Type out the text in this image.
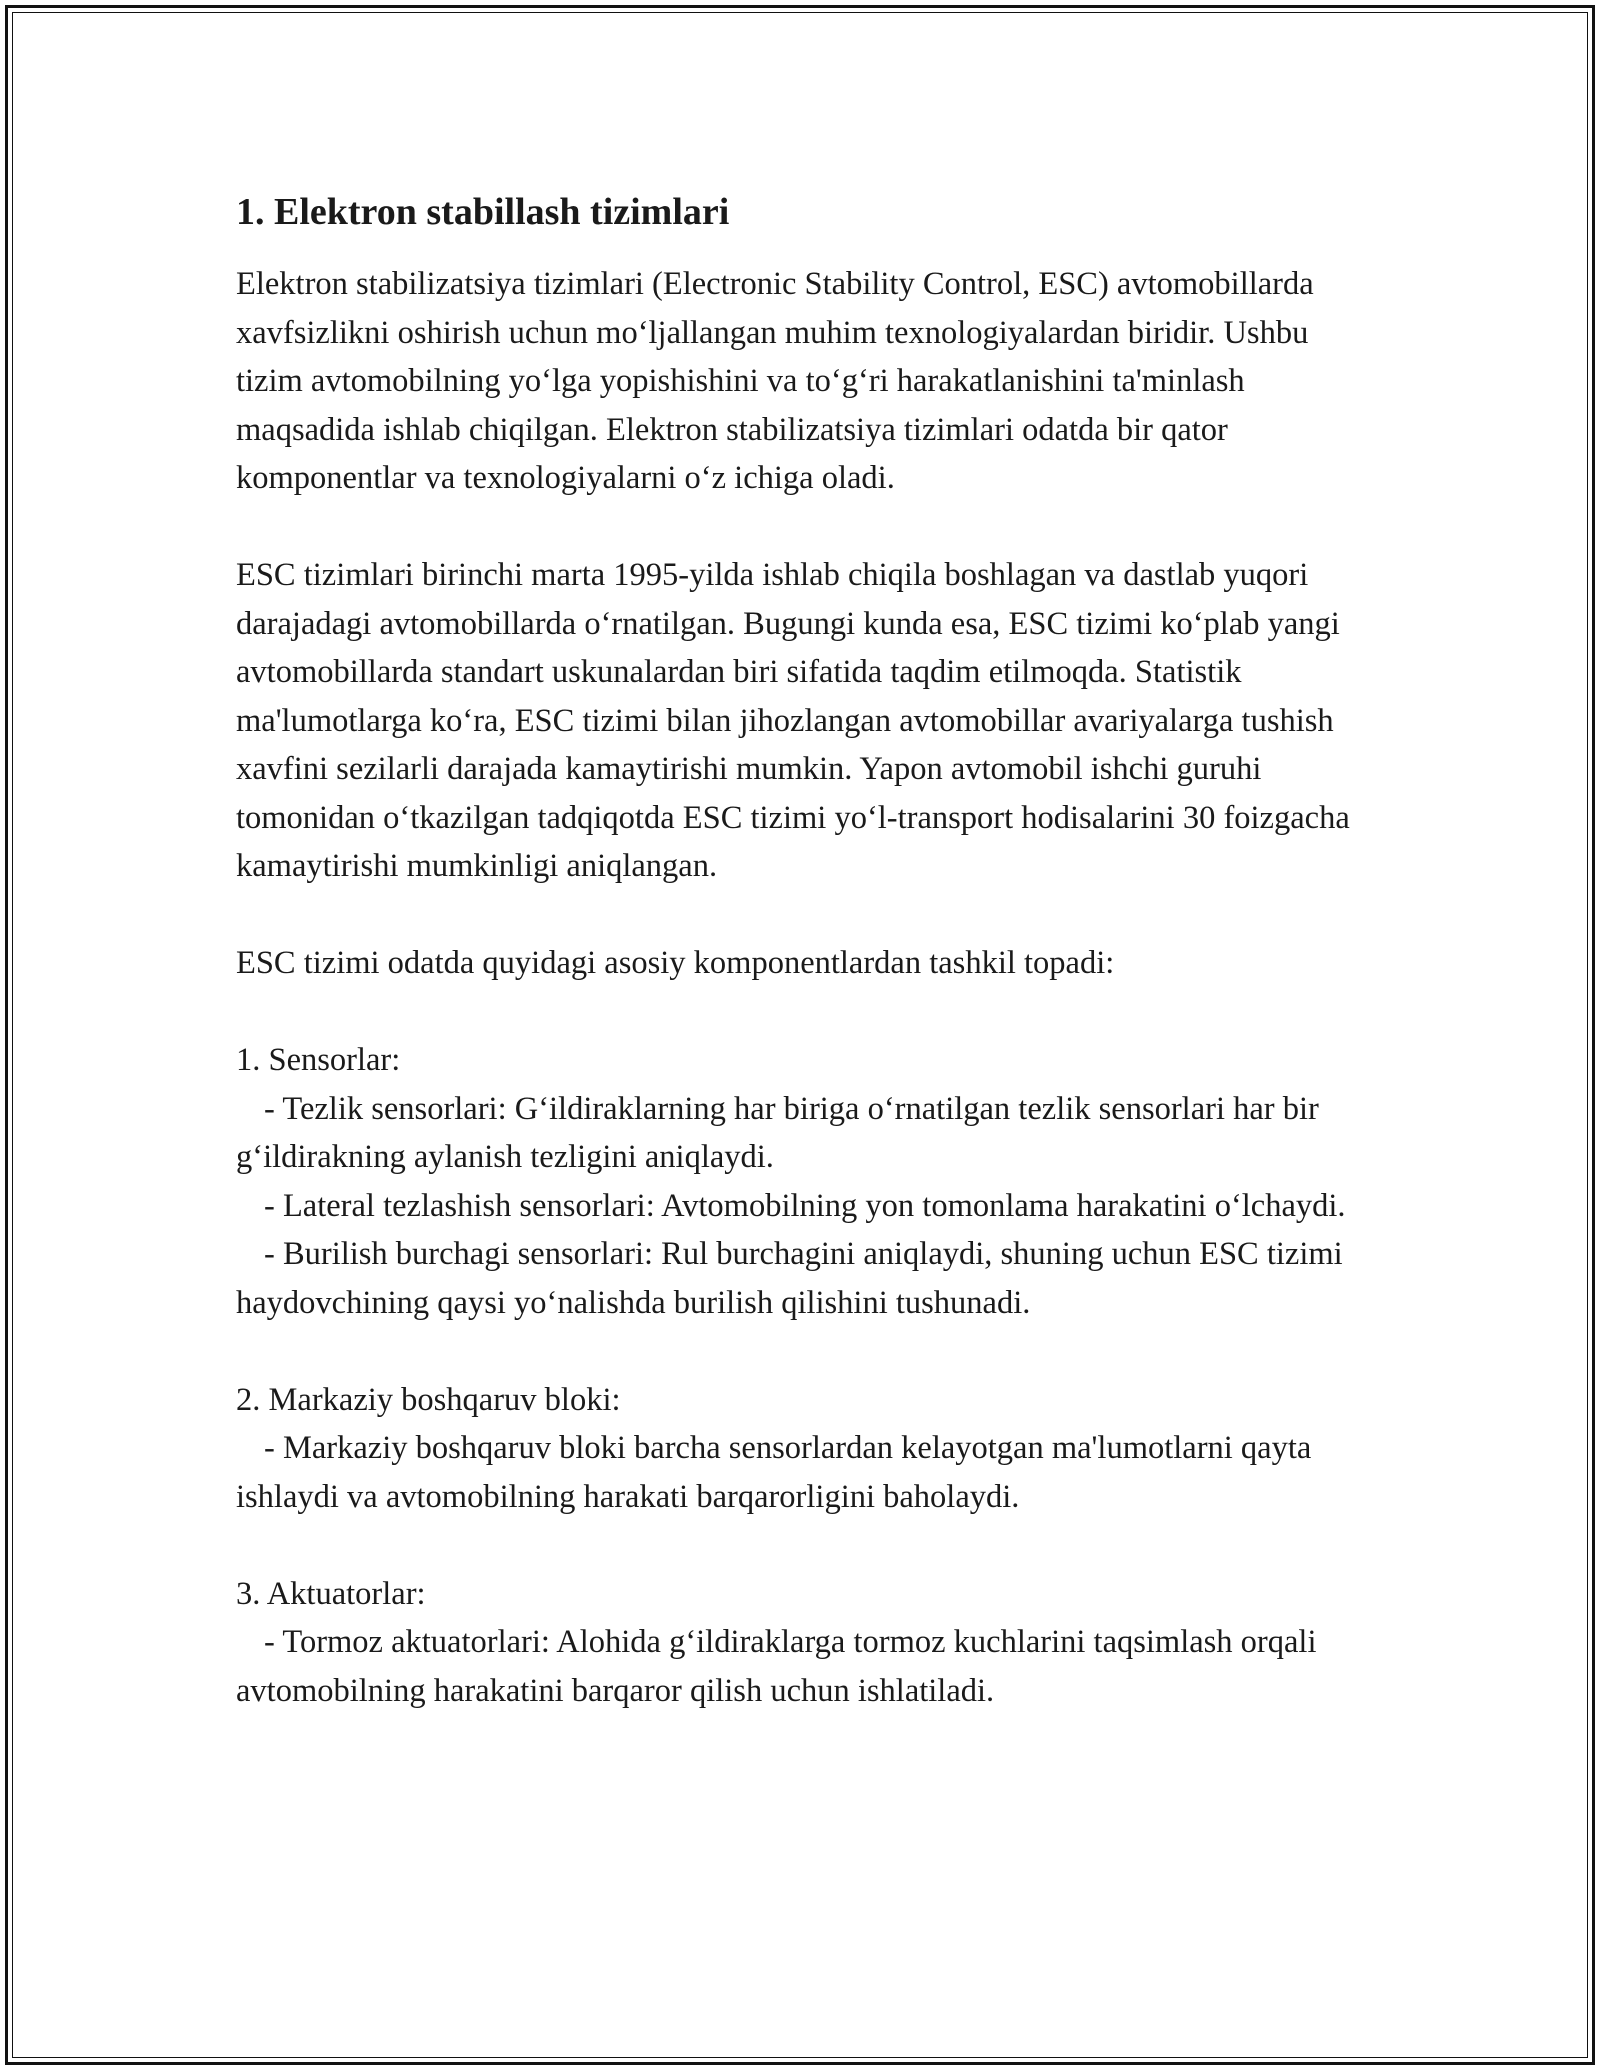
1. Elektron stabillash tizimlari

Elektron stabilizatsiya tizimlari (Electronic Stability Control, ESC) avtomobillarda xavfsizlikni oshirish uchun mo‘ljallangan muhim texnologiyalardan biridir. Ushbu tizim avtomobilning yo‘lga yopishishini va to‘g‘ri harakatlanishini ta'minlash maqsadida ishlab chiqilgan. Elektron stabilizatsiya tizimlari odatda bir qator komponentlar va texnologiyalarni o‘z ichiga oladi.

ESC tizimlari birinchi marta 1995-yilda ishlab chiqila boshlagan va dastlab yuqori darajadagi avtomobillarda o‘rnatilgan. Bugungi kunda esa, ESC tizimi ko‘plab yangi avtomobillarda standart uskunalardan biri sifatida taqdim etilmoqda. Statistik ma'lumotlarga ko‘ra, ESC tizimi bilan jihozlangan avtomobillar avariyalarga tushish xavfini sezilarli darajada kamaytirishi mumkin. Yapon avtomobil ishchi guruhi tomonidan o‘tkazilgan tadqiqotda ESC tizimi yo‘l-transport hodisalarini 30 foizgacha kamaytirishi mumkinligi aniqlangan.

ESC tizimi odatda quyidagi asosiy komponentlardan tashkil topadi:

1. Sensorlar:

- Tezlik sensorlari: G‘ildiraklarning har biriga o‘rnatilgan tezlik sensorlari har bir g‘ildirakning aylanish tezligini aniqlaydi.

- Lateral tezlashish sensorlari: Avtomobilning yon tomonlama harakatini o‘lchaydi.

- Burilish burchagi sensorlari: Rul burchagini aniqlaydi, shuning uchun ESC tizimi haydovchining qaysi yo‘nalishda burilish qilishini tushunadi.

2. Markaziy boshqaruv bloki:

- Markaziy boshqaruv bloki barcha sensorlardan kelayotgan ma'lumotlarni qayta ishlaydi va avtomobilning harakati barqarorligini baholaydi.

3. Aktuatorlar:

- Tormoz aktuatorlari: Alohida g‘ildiraklarga tormoz kuchlarini taqsimlash orqali avtomobilning harakatini barqaror qilish uchun ishlatiladi.
